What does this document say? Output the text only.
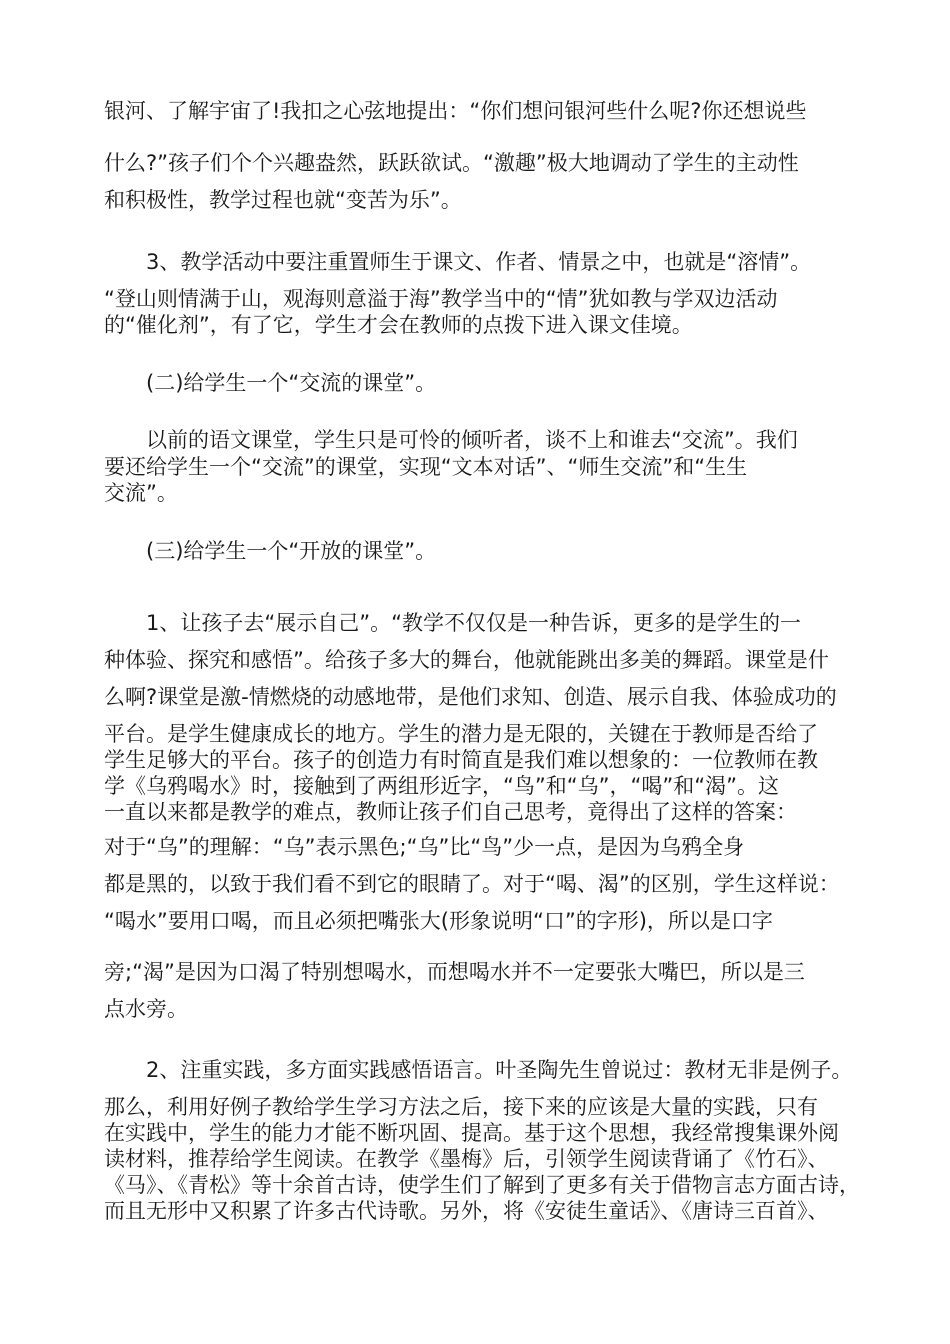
银河、了解宇宙了!我扣之心弦地提出：“你们想问银河些什么呢?你还想说些
什么?”孩子们个个兴趣盎然，跃跃欲试。“激趣”极大地调动了学生的主动性
和积极性，教学过程也就“变苦为乐”。
3、教学活动中要注重置师生于课文、作者、情景之中，也就是“溶情”。
“登山则情满于山，观海则意溢于海”教学当中的“情”犹如教与学双边活动
的“催化剂”，有了它，学生才会在教师的点拨下进入课文佳境。
(二)给学生一个“交流的课堂”。
以前的语文课堂，学生只是可怜的倾听者，谈不上和谁去“交流”。我们
要还给学生一个“交流”的课堂，实现“文本对话”、“师生交流”和“生生
交流”。
(三)给学生一个“开放的课堂”。
1、让孩子去“展示自己”。“教学不仅仅是一种告诉，更多的是学生的一
种体验、探究和感悟”。给孩子多大的舞台，他就能跳出多美的舞蹈。课堂是什
么啊?课堂是激-情燃烧的动感地带，是他们求知、创造、展示自我、体验成功的
平台。是学生健康成长的地方。学生的潜力是无限的，关键在于教师是否给了
学生足够大的平台。孩子的创造力有时简直是我们难以想象的：一位教师在教
学《乌鸦喝水》时，接触到了两组形近字，“鸟”和“乌”，“喝”和“渴”。这
一直以来都是教学的难点，教师让孩子们自己思考，竟得出了这样的答案：
对于“乌”的理解：“乌”表示黑色;“乌”比“鸟”少一点，是因为乌鸦全身
都是黑的，以致于我们看不到它的眼睛了。对于“喝、渴”的区别，学生这样说：
“喝水”要用口喝，而且必须把嘴张大(形象说明“口”的字形)，所以是口字
旁;“渴”是因为口渴了特别想喝水，而想喝水并不一定要张大嘴巴，所以是三
点水旁。
2、注重实践，多方面实践感悟语言。叶圣陶先生曾说过：教材无非是例子。
那么，利用好例子教给学生学习方法之后，接下来的应该是大量的实践，只有
在实践中，学生的能力才能不断巩固、提高。基于这个思想，我经常搜集课外阅
读材料，推荐给学生阅读。在教学《墨梅》后，引领学生阅读背诵了《竹石》、
《马》、《青松》等十余首古诗，使学生们了解到了更多有关于借物言志方面古诗，
而且无形中又积累了许多古代诗歌。另外，将《安徒生童话》、《唐诗三百首》、
